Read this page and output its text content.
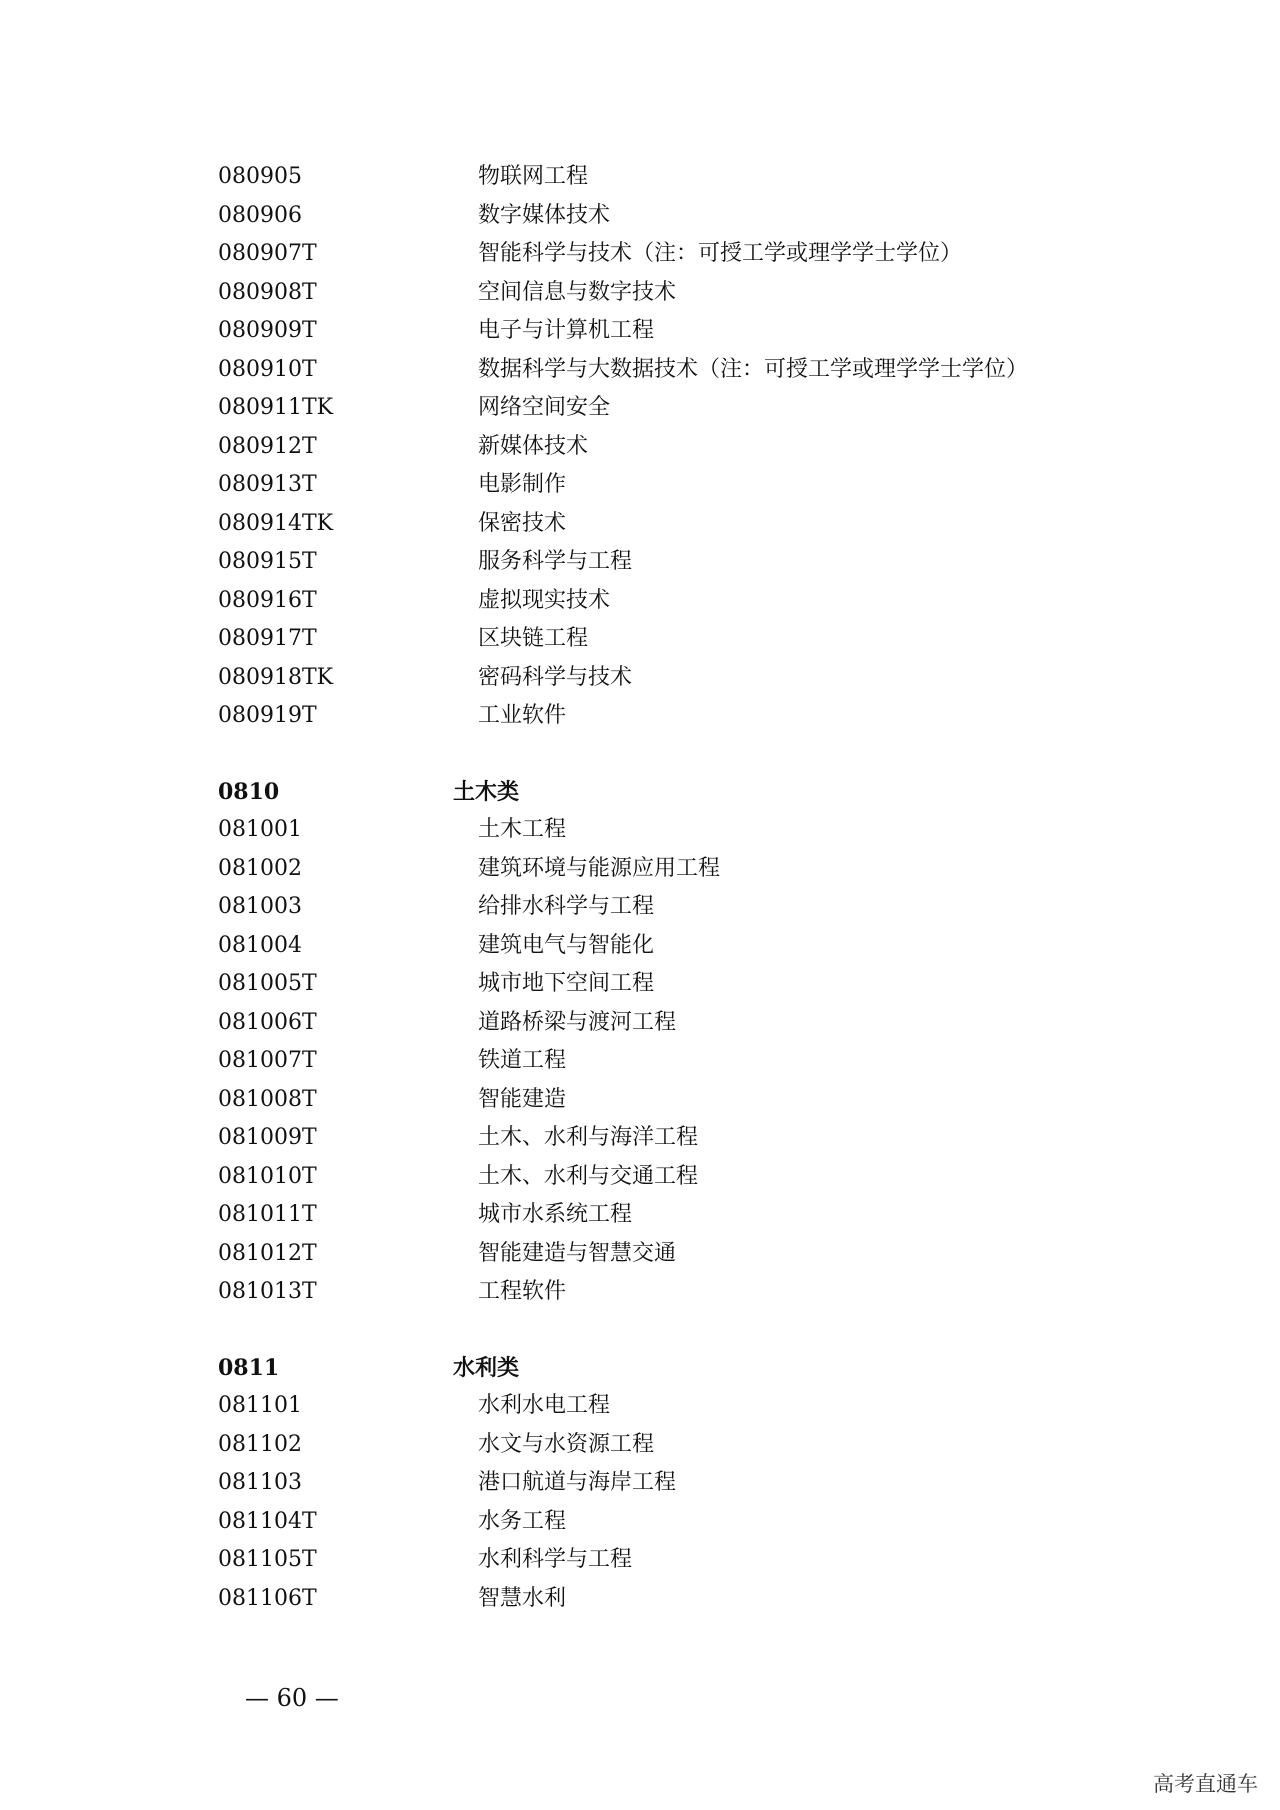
080905	物联网工程
080906	数字媒体技术
080907T	智能科学与技术（注：可授工学或理学学士学位）
080908T	空间信息与数字技术
080909T	电子与计算机工程
080910T	数据科学与大数据技术（注：可授工学或理学学士学位）
080911TK	网络空间安全
080912T	新媒体技术
080913T	电影制作
080914TK	保密技术
080915T	服务科学与工程
080916T	虚拟现实技术
080917T	区块链工程
080918TK	密码科学与技术
080919T	工业软件
0810	土木类
081001	土木工程
081002	建筑环境与能源应用工程
081003	给排水科学与工程
081004	建筑电气与智能化
081005T	城市地下空间工程
081006T	道路桥梁与渡河工程
081007T	铁道工程
081008T	智能建造
081009T	土木、水利与海洋工程
081010T	土木、水利与交通工程
081011T	城市水系统工程
081012T	智能建造与智慧交通
081013T	工程软件
0811	水利类
081101	水利水电工程
081102	水文与水资源工程
081103	港口航道与海岸工程
081104T	水务工程
081105T	水利科学与工程
081106T	智慧水利
— 60 —
高考直通车
